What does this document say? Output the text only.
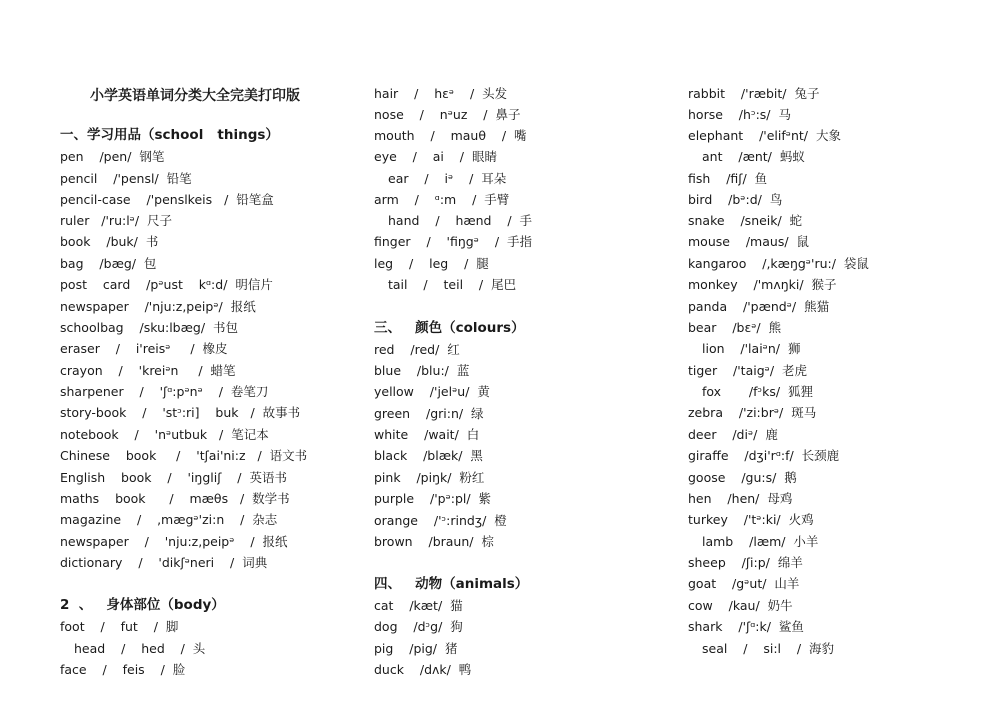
小学英语单词分类大全完美打印版
一、学习用品（school   things）
pen    /pen/  钢笔
pencil    /'pensl/  铅笔
pencil-case    /'penslkeis   /  铅笔盒
ruler   /'ru:lᵊ/  尺子
book    /buk/  书
bag    /bæg/  包
post    card    /pᵊust    kᵅ:d/  明信片
newspaper    /'nju:z,peipᵊ/  报纸
schoolbag    /sku:lbæg/  书包
eraser    /    i'reisᵊ     /  橡皮
crayon    /    'kreiᵊn     /  蜡笔
sharpener    /    'ʃᵅ:pᵊnᵊ    /  卷笔刀
story-book    /    'stᵓ:ri]    buk   /  故事书
notebook    /    'nᵊutbuk   /  笔记本
Chinese    book     /    'tʃai'ni:z   /  语文书
English    book    /    'iŋgliʃ    /  英语书
maths    book      /    mæθs   /  数学书
magazine    /    ,mægᵊ'zi:n    /  杂志
newspaper    /    'nju:z,peipᵊ    /  报纸
dictionary    /    'dikʃᵊneri    /  词典
2  、   身体部位（body）
foot    /    fut    /  脚
head    /    hed    /  头
face    /    feis    /  脸
hair    /    hεᵊ    /  头发
nose    /    nᵊuz    /  鼻子
mouth    /    mauθ    /  嘴
eye    /    ai    /  眼睛
ear    /    iᵊ    /  耳朵
arm    /    ᵅ:m    /  手臂
hand    /    hænd    /  手
finger    /    'fiŋgᵊ    /  手指
leg    /    leg    /  腿
tail    /    teil    /  尾巴
三、   颜色（colours）
red    /red/  红
blue    /blu:/  蓝
yellow    /'jelᵊu/  黄
green    /gri:n/  绿
white    /wait/  白
black    /blæk/  黑
pink    /piŋk/  粉红
purple    /'pᵊ:pl/  紫
orange    /'ᵓ:rindʒ/  橙
brown    /braun/  棕
四、   动物（animals）
cat    /kæt/  猫
dog    /dᵓg/  狗
pig    /pig/  猪
duck    /dᴧk/  鸭
rabbit    /'ræbit/  兔子
horse    /hᵓ:s/  马
elephant    /'elifᵊnt/  大象
ant    /ænt/  蚂蚁
fish    /fiʃ/  鱼
bird    /bᵊ:d/  鸟
snake    /sneik/  蛇
mouse    /maus/  鼠
kangaroo    /,kæŋgᵊ'ru:/  袋鼠
monkey    /'mᴧŋki/  猴子
panda    /'pændᵊ/  熊猫
bear    /bεᵊ/  熊
lion    /'laiᵊn/  狮
tiger    /'taigᵊ/  老虎
fox       /fᵓks/  狐狸
zebra    /'zi:brᵊ/  斑马
deer    /diᵊ/  鹿
giraffe    /dʒi'rᵅ:f/  长颈鹿
goose    /gu:s/  鹅
hen    /hen/  母鸡
turkey    /'tᵊ:ki/  火鸡
lamb    /læm/  小羊
sheep    /ʃi:p/  绵羊
goat    /gᵊut/  山羊
cow    /kau/  奶牛
shark    /'ʃᵅ:k/  鲨鱼
seal    /    si:l    /  海豹
